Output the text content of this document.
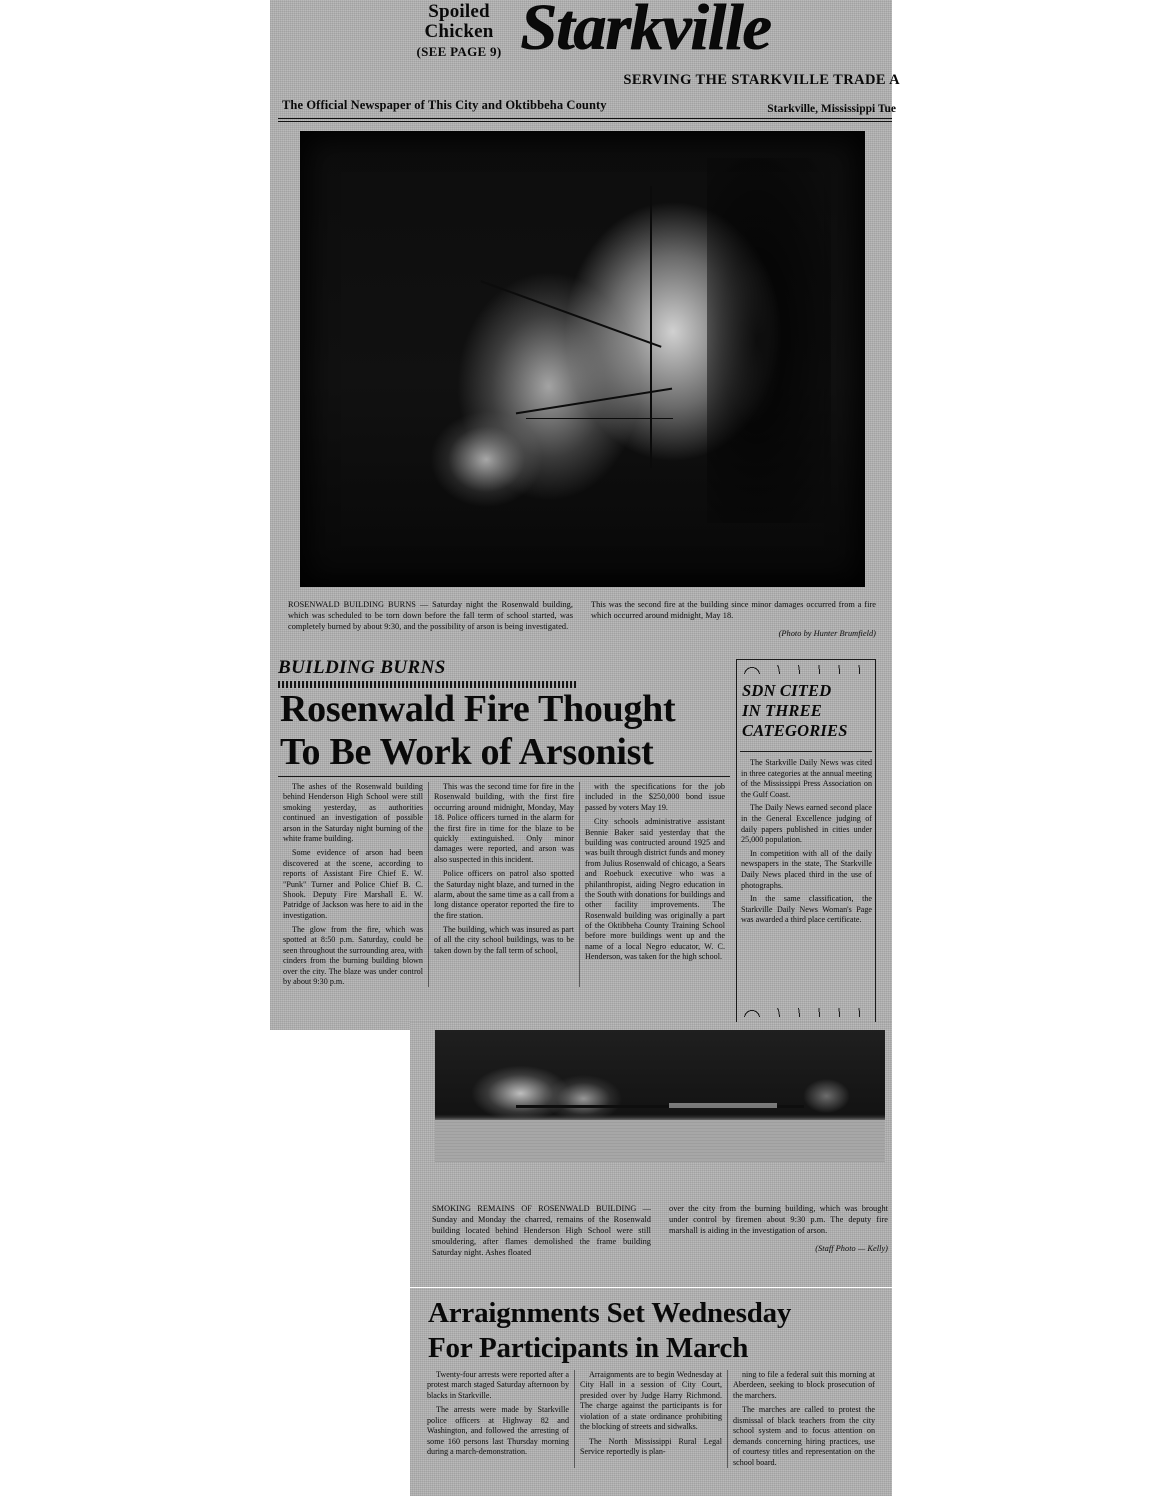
Spoiled
Chicken
(SEE PAGE 9) Starkville
SERVING THE STARKVILLE TRADE A
The Official Newspaper of This City and Oktibbeha County	Starkville, Mississippi Tue
ROSENWALD BUILDING BURNS — Saturday night the Rosenwald building, which was scheduled to be torn down before the fall term of school started, was completely burned by about 9:30, and the possibility of arson is being investigated.
This was the second fire at the building since minor damages occurred from a fire which occurred around midnight, May 18.
(Photo by Hunter Brumfield)
BUILDING BURNS
Rosenwald Fire Thought
To Be Work of Arsonist

The ashes of the Rosenwald building behind Henderson High School were still smoking yesterday, as authorities continued an investigation of possible arson in the Saturday night burning of the white frame building.

Some evidence of arson had been discovered at the scene, according to reports of Assistant Fire Chief E. W. "Punk" Turner and Police Chief B. C. Shook. Deputy Fire Marshall E. W. Patridge of Jackson was here to aid in the investigation.

The glow from the fire, which was spotted at 8:50 p.m. Saturday, could be seen throughout the surrounding area, with cinders from the burning building blown over the city. The blaze was under control by about 9:30 p.m.

This was the second time for fire in the Rosenwald building, with the first fire occurring around midnight, Monday, May 18. Police officers turned in the alarm for the first fire in time for the blaze to be quickly extinguished. Only minor damages were reported, and arson was also suspected in this incident.

Police officers on patrol also spotted the Saturday night blaze, and turned in the alarm, about the same time as a call from a long distance operator reported the fire to the fire station.

The building, which was insured as part of all the city school buildings, was to be taken down by the fall term of school,

with the specifications for the job included in the $250,000 bond issue passed by voters May 19.

City schools administrative assistant Bennie Baker said yesterday that the building was contructed around 1925 and was built through district funds and money from Julius Rosenwald of chicago, a Sears and Roebuck executive who was a philanthropist, aiding Negro education in the South with donations for buildings and other facility improvements. The Rosenwald building was originally a part of the Oktibbeha County Training School before more buildings went up and the name of a local Negro educator, W. C. Henderson, was taken for the high school.

SDN CITED
IN THREE
CATEGORIES

The Starkville Daily News was cited in three categories at the annual meeting of the Mississippi Press Association on the Gulf Coast.

The Daily News earned second place in the General Excellence judging of daily papers published in cities under 25,000 population.

In competition with all of the daily newspapers in the state, The Starkville Daily News placed third in the use of photographs.

In the same classification, the Starkville Daily News Woman's Page was awarded a third place certificate.

SMOKING REMAINS OF ROSENWALD BUILDING — Sunday and Monday the charred, remains of the Rosenwald building located behind Henderson High School were still smouldering, after flames demolished the frame building Saturday night. Ashes floated
over the city from the burning building, which was brought under control by firemen about 9:30 p.m. The deputy fire marshall is aiding in the investigation of arson.
(Staff Photo — Kelly)
Arraignments Set Wednesday
For Participants in March

Twenty-four arrests were reported after a protest march staged Saturday afternoon by blacks in Starkville.

The arrests were made by Starkville police officers at Highway 82 and Washington, and followed the arresting of some 160 persons last Thursday morning during a march-demonstration.

Arraignments are to begin Wednesday at City Hall in a session of City Court, presided over by Judge Harry Richmond. The charge against the participants is for violation of a state ordinance prohibiting the blocking of streets and sidwalks.

The North Mississippi Rural Legal Service reportedly is plan-

ning to file a federal suit this morning at Aberdeen, seeking to block prosecution of the marchers.

The marches are called to protest the dismissal of black teachers from the city school system and to focus attention on demands concerning hiring practices, use of courtesy titles and representation on the school board.
